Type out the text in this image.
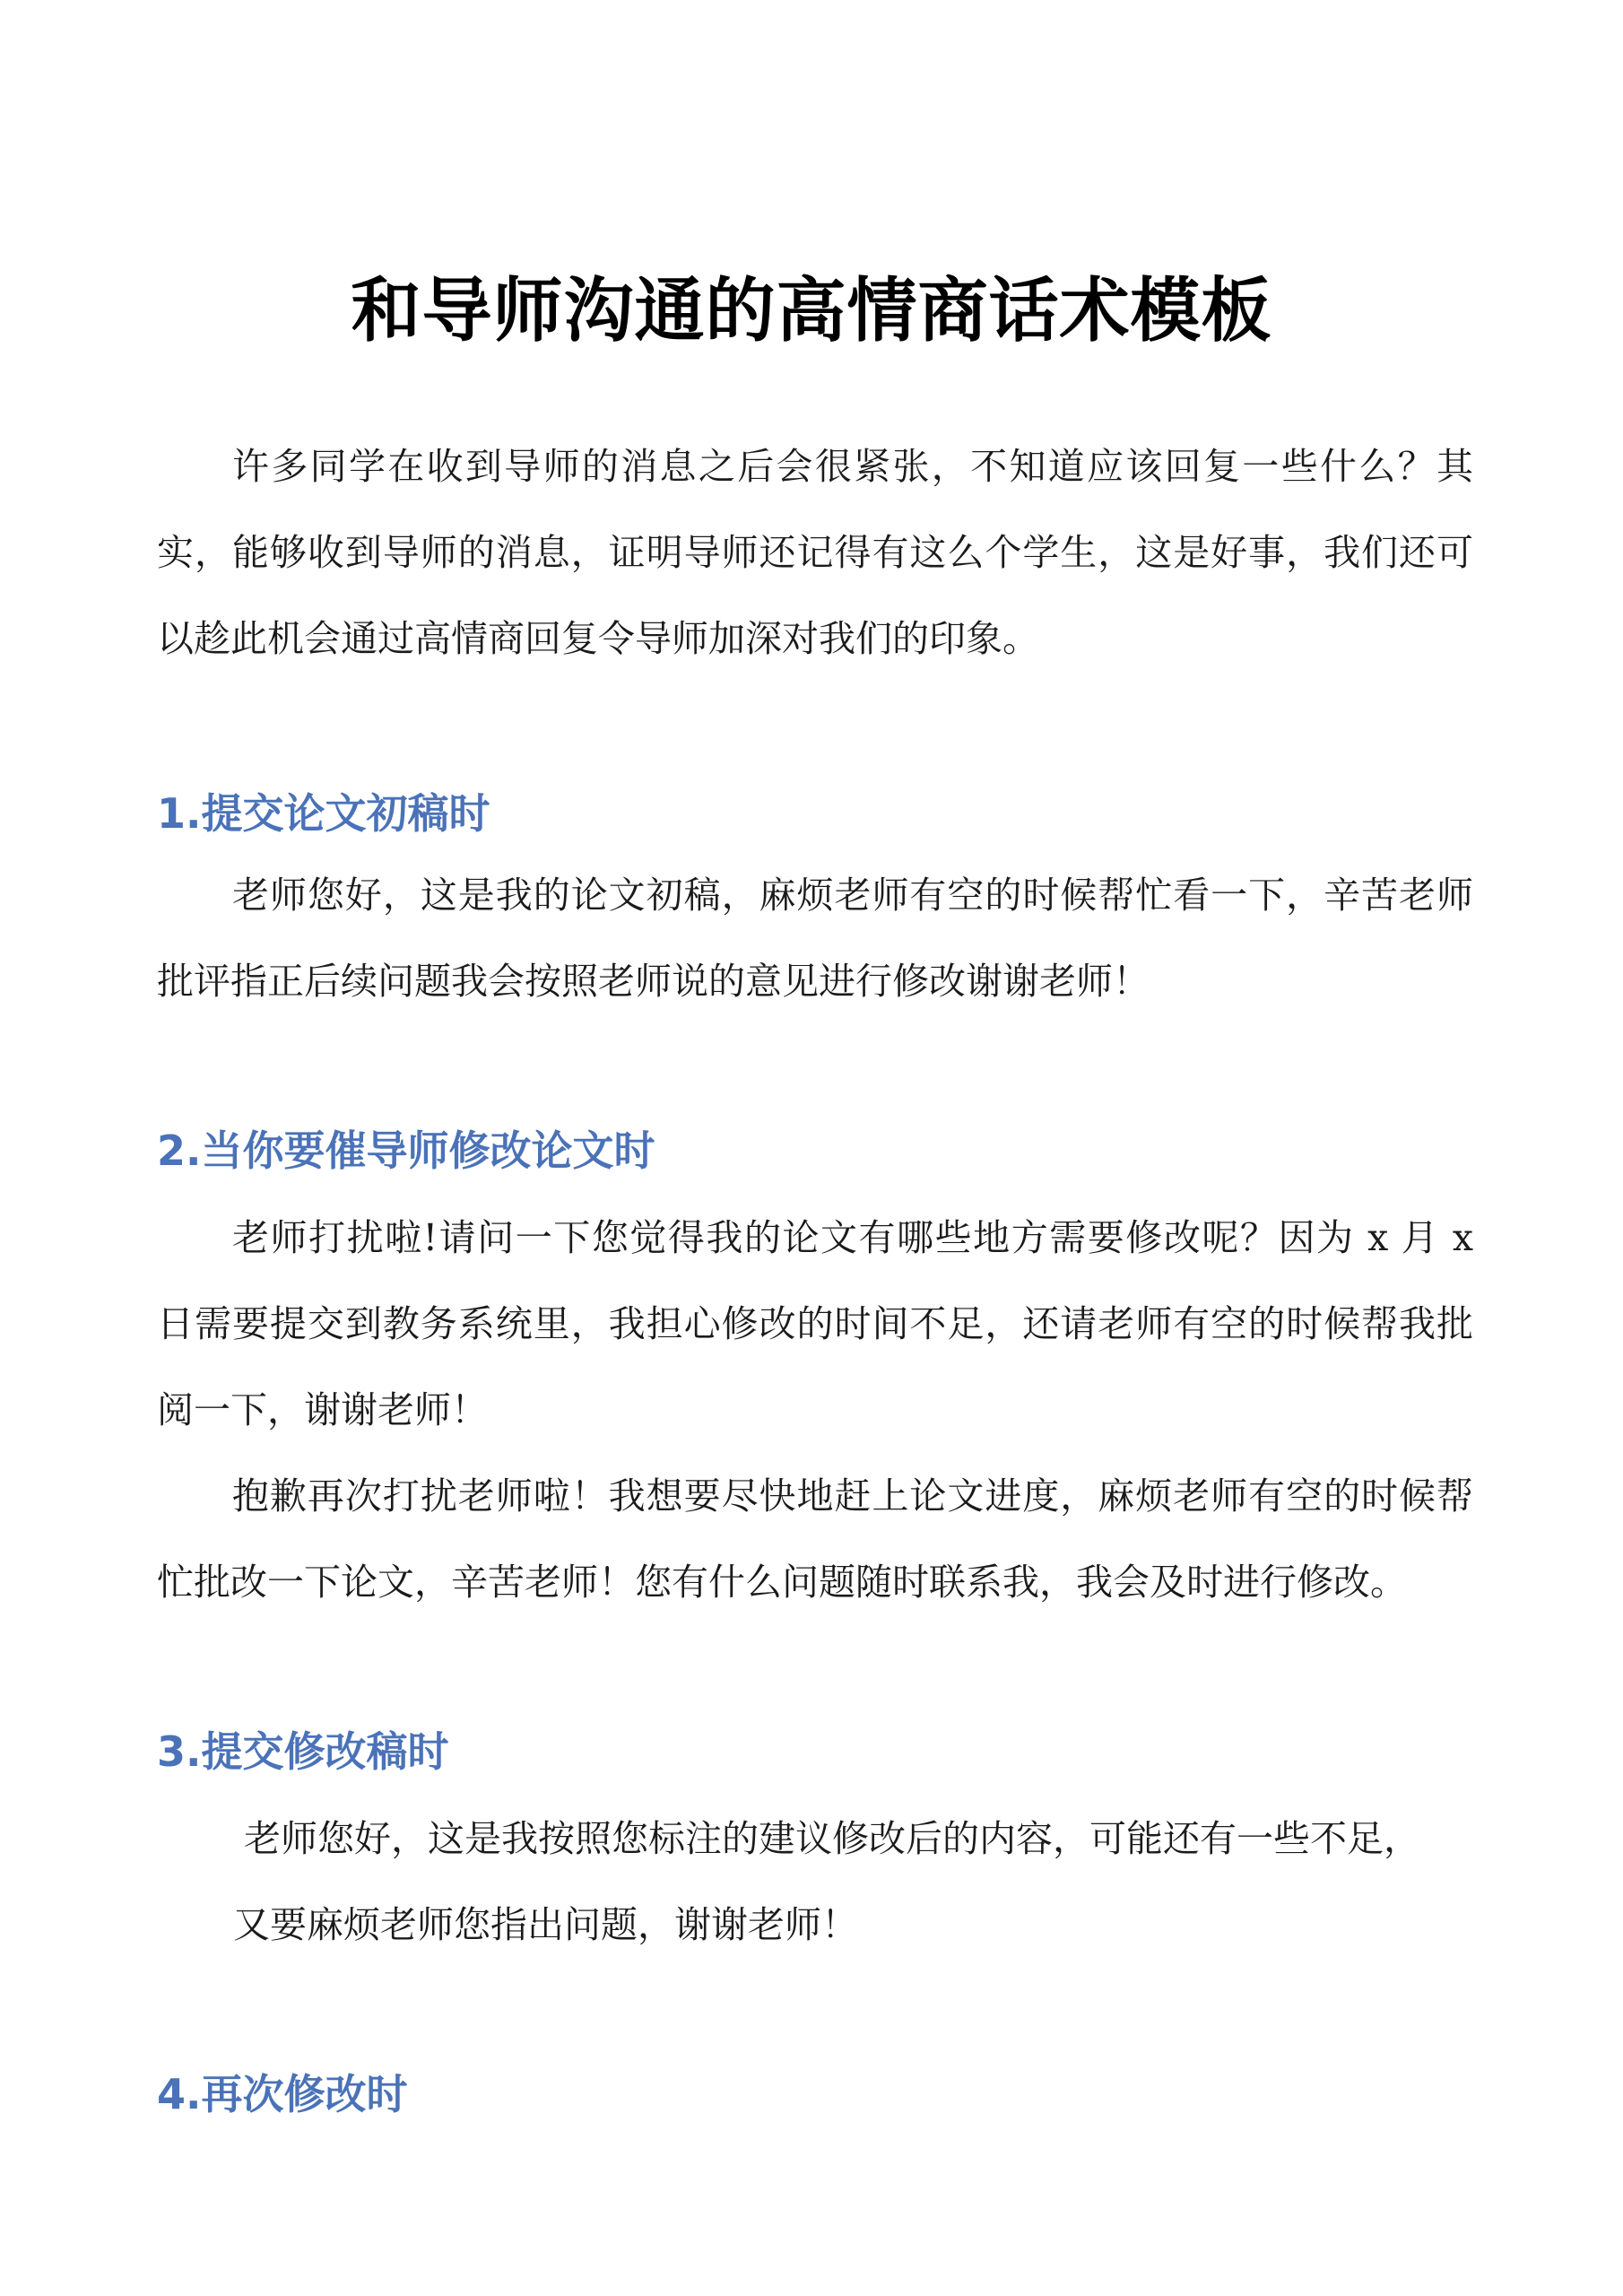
和导师沟通的高情商话术模板

许多同学在收到导师的消息之后会很紧张，不知道应该回复一些什么？其实，能够收到导师的消息，证明导师还记得有这么个学生，这是好事，我们还可以趁此机会通过高情商回复令导师加深对我们的印象。

1.提交论文初稿时

老师您好，这是我的论文初稿，麻烦老师有空的时候帮忙看一下，辛苦老师批评指正后续问题我会按照老师说的意见进行修改谢谢老师！

2.当你要催导师修改论文时

老师打扰啦!请问一下您觉得我的论文有哪些地方需要修改呢？因为 x 月 x 日需要提交到教务系统里，我担心修改的时间不足，还请老师有空的时候帮我批阅一下，谢谢老师！

抱歉再次打扰老师啦！我想要尽快地赶上论文进度，麻烦老师有空的时候帮忙批改一下论文，辛苦老师！您有什么问题随时联系我，我会及时进行修改。

3.提交修改稿时

老师您好，这是我按照您标注的建议修改后的内容，可能还有一些不足，

又要麻烦老师您指出问题，谢谢老师！

4.再次修改时
